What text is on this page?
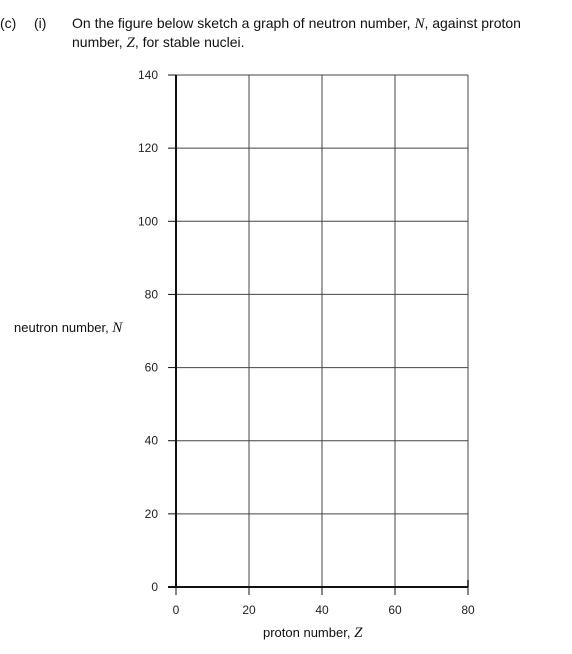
(c) (i) On the figure below sketch a graph of neutron number, N, against proton
number, Z, for stable nuclei.
0
20
40
60
80
100
120
140
0	20	40	60	80
neutron number, N
proton number, Z
